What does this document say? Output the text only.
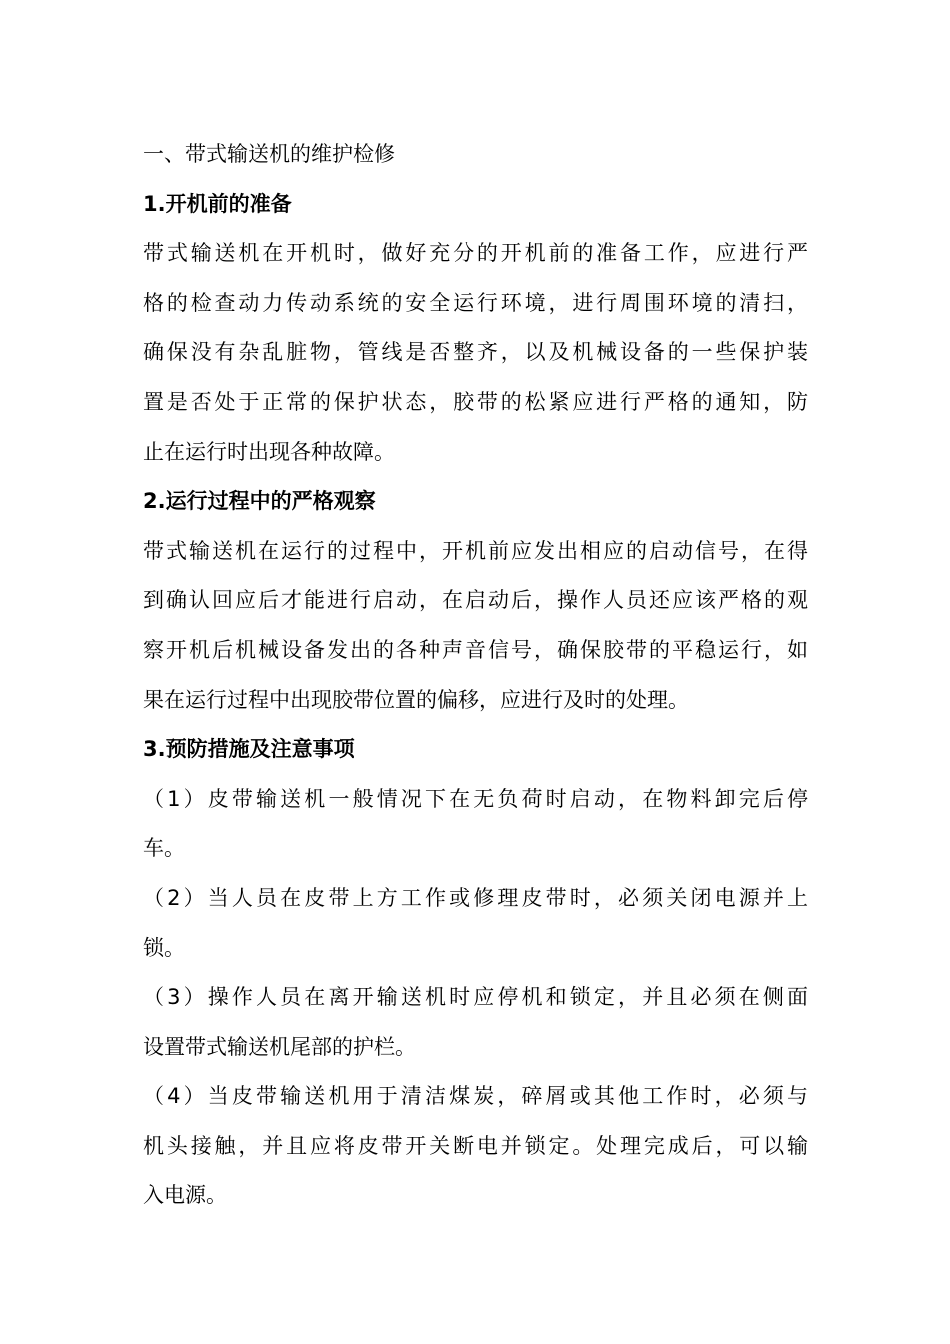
一、带式输送机的维护检修

1.开机前的准备

带式输送机在开机时，做好充分的开机前的准备工作，应进行严
格的检查动力传动系统的安全运行环境，进行周围环境的清扫，
确保没有杂乱脏物，管线是否整齐，以及机械设备的一些保护装
置是否处于正常的保护状态，胶带的松紧应进行严格的通知，防
止在运行时出现各种故障。

2.运行过程中的严格观察

带式输送机在运行的过程中，开机前应发出相应的启动信号，在得
到确认回应后才能进行启动，在启动后，操作人员还应该严格的观
察开机后机械设备发出的各种声音信号，确保胶带的平稳运行，如
果在运行过程中出现胶带位置的偏移，应进行及时的处理。

3.预防措施及注意事项

（1）皮带输送机一般情况下在无负荷时启动，在物料卸完后停
车。
（2）当人员在皮带上方工作或修理皮带时，必须关闭电源并上
锁。
（3）操作人员在离开输送机时应停机和锁定，并且必须在侧面
设置带式输送机尾部的护栏。
（4）当皮带输送机用于清洁煤炭，碎屑或其他工作时，必须与
机头接触，并且应将皮带开关断电并锁定。处理完成后，可以输
入电源。
